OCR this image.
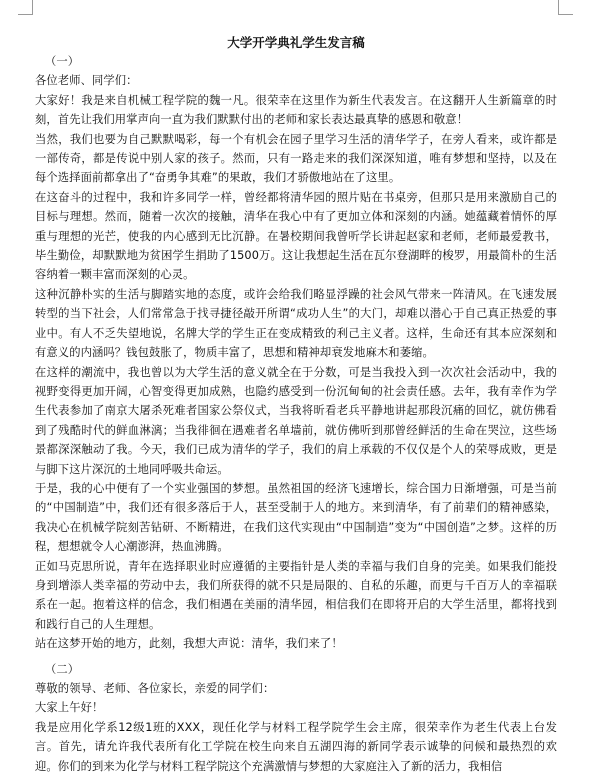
大学开学典礼学生发言稿

（一）

各位老师、同学们：

大家好！我是来自机械工程学院的魏一凡。很荣幸在这里作为新生代表发言。在这翻开人生新篇章的时刻，首先让我们用掌声向一直为我们默默付出的老师和家长表达最真挚的感恩和敬意！

当然，我们也要为自己默默喝彩，每一个有机会在园子里学习生活的清华学子，在旁人看来，或许都是一部传奇，都是传说中别人家的孩子。然而，只有一路走来的我们深深知道，唯有梦想和坚持，以及在每个选择面前都拿出了“奋勇争其难”的果敢，我们才骄傲地站在了这里。

在这奋斗的过程中，我和许多同学一样，曾经都将清华园的照片贴在书桌旁，但那只是用来激励自己的目标与理想。然而，随着一次次的接触，清华在我心中有了更加立体和深刻的内涵。她蕴藏着情怀的厚重与理想的光芒，使我的内心感到无比沉静。在暑校期间我曾听学长讲起赵家和老师，老师最爱教书，毕生勤俭，却默默地为贫困学生捐助了1500万。这让我想起生活在瓦尔登湖畔的梭罗，用最简朴的生活容纳着一颗丰富而深刻的心灵。

这种沉静朴实的生活与脚踏实地的态度，或许会给我们略显浮躁的社会风气带来一阵清风。在飞速发展转型的当下社会，人们常常急于找寻捷径敲开所谓“成功人生”的大门，却难以潜心于自己真正热爱的事业中。有人不乏失望地说，名牌大学的学生正在变成精致的利己主义者。这样，生命还有其本应深刻和有意义的内涵吗？钱包鼓胀了，物质丰富了，思想和精神却衰发地麻木和萎缩。

在这样的潮流中，我也曾以为大学生活的意义就全在于分数，可是当我投入到一次次社会活动中，我的视野变得更加开阔，心智变得更加成熟，也隐约感受到一份沉甸甸的社会责任感。去年，我有幸作为学生代表参加了南京大屠杀死难者国家公祭仪式，当我将昕看老兵平静地讲起那段沉痛的回忆，就仿佛看到了残酷时代的鲜血淋漓；当我徘徊在遇难者名单墙前，就仿佛听到那曾经鲜活的生命在哭泣，这些场景都深深触动了我。今天，我们已成为清华的学子，我们的肩上承载的不仅仅是个人的荣辱成败，更是与脚下这片深沉的土地同呼吸共命运。

于是，我的心中便有了一个实业强国的梦想。虽然祖国的经济飞速增长，综合国力日渐增强，可是当前的“中国制造”中，我们还有很多落后于人，甚至受制于人的地方。来到清华，有了前辈们的精神感染，我决心在机械学院刻苦钻研、不断精进，在我们这代实现由“中国制造”变为“中国创造”之梦。这样的历程，想想就令人心潮澎湃，热血沸腾。

正如马克思所说，青年在选择职业时应遵循的主要指针是人类的幸福与我们自身的完美。如果我们能投身到增添人类幸福的劳动中去，我们所获得的就不只是局限的、自私的乐趣，而更与千百万人的幸福联系在一起。抱着这样的信念，我们相遇在美丽的清华园，相信我们在即将开启的大学生活里，都将找到和践行自己的人生理想。

站在这梦开始的地方，此刻，我想大声说：清华，我们来了！

（二）

尊敬的领导、老师、各位家长，亲爱的同学们：

大家上午好！

我是应用化学系12级1班的XXX，现任化学与材料工程学院学生会主席，很荣幸作为老生代表上台发言。首先，请允许我代表所有化工学院在校生向来自五湖四海的新同学表示诚挚的问候和最热烈的欢迎。你们的到来为化学与材料工程学院这个充满激情与梦想的大家庭注入了新的活力，我相信
